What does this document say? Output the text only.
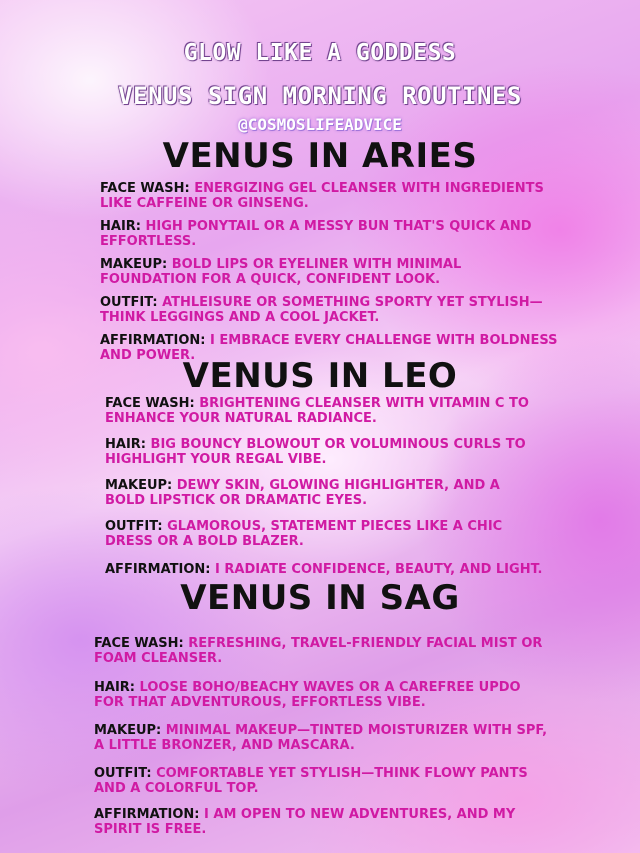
GLOW LIKE A GODDESS
VENUS SIGN MORNING ROUTINES
@COSMOSLIFEADVICE
VENUS IN ARIES
FACE WASH: ENERGIZING GEL CLEANSER WITH INGREDIENTS LIKE CAFFEINE OR GINSENG.
HAIR: HIGH PONYTAIL OR A MESSY BUN THAT'S QUICK AND EFFORTLESS.
MAKEUP: BOLD LIPS OR EYELINER WITH MINIMAL FOUNDATION FOR A QUICK, CONFIDENT LOOK.
OUTFIT: ATHLEISURE OR SOMETHING SPORTY YET STYLISH—THINK LEGGINGS AND A COOL JACKET.
AFFIRMATION: I EMBRACE EVERY CHALLENGE WITH BOLDNESS AND POWER.
VENUS IN LEO
FACE WASH: BRIGHTENING CLEANSER WITH VITAMIN C TO ENHANCE YOUR NATURAL RADIANCE.
HAIR: BIG BOUNCY BLOWOUT OR VOLUMINOUS CURLS TO HIGHLIGHT YOUR REGAL VIBE.
MAKEUP: DEWY SKIN, GLOWING HIGHLIGHTER, AND A BOLD LIPSTICK OR DRAMATIC EYES.
OUTFIT: GLAMOROUS, STATEMENT PIECES LIKE A CHIC DRESS OR A BOLD BLAZER.
AFFIRMATION: I RADIATE CONFIDENCE, BEAUTY, AND LIGHT.
VENUS IN SAG
FACE WASH: REFRESHING, TRAVEL-FRIENDLY FACIAL MIST OR FOAM CLEANSER.
HAIR: LOOSE BOHO/BEACHY WAVES OR A CAREFREE UPDO FOR THAT ADVENTUROUS, EFFORTLESS VIBE.
MAKEUP: MINIMAL MAKEUP—TINTED MOISTURIZER WITH SPF, A LITTLE BRONZER, AND MASCARA.
OUTFIT: COMFORTABLE YET STYLISH—THINK FLOWY PANTS AND A COLORFUL TOP.
AFFIRMATION: I AM OPEN TO NEW ADVENTURES, AND MY SPIRIT IS FREE.
